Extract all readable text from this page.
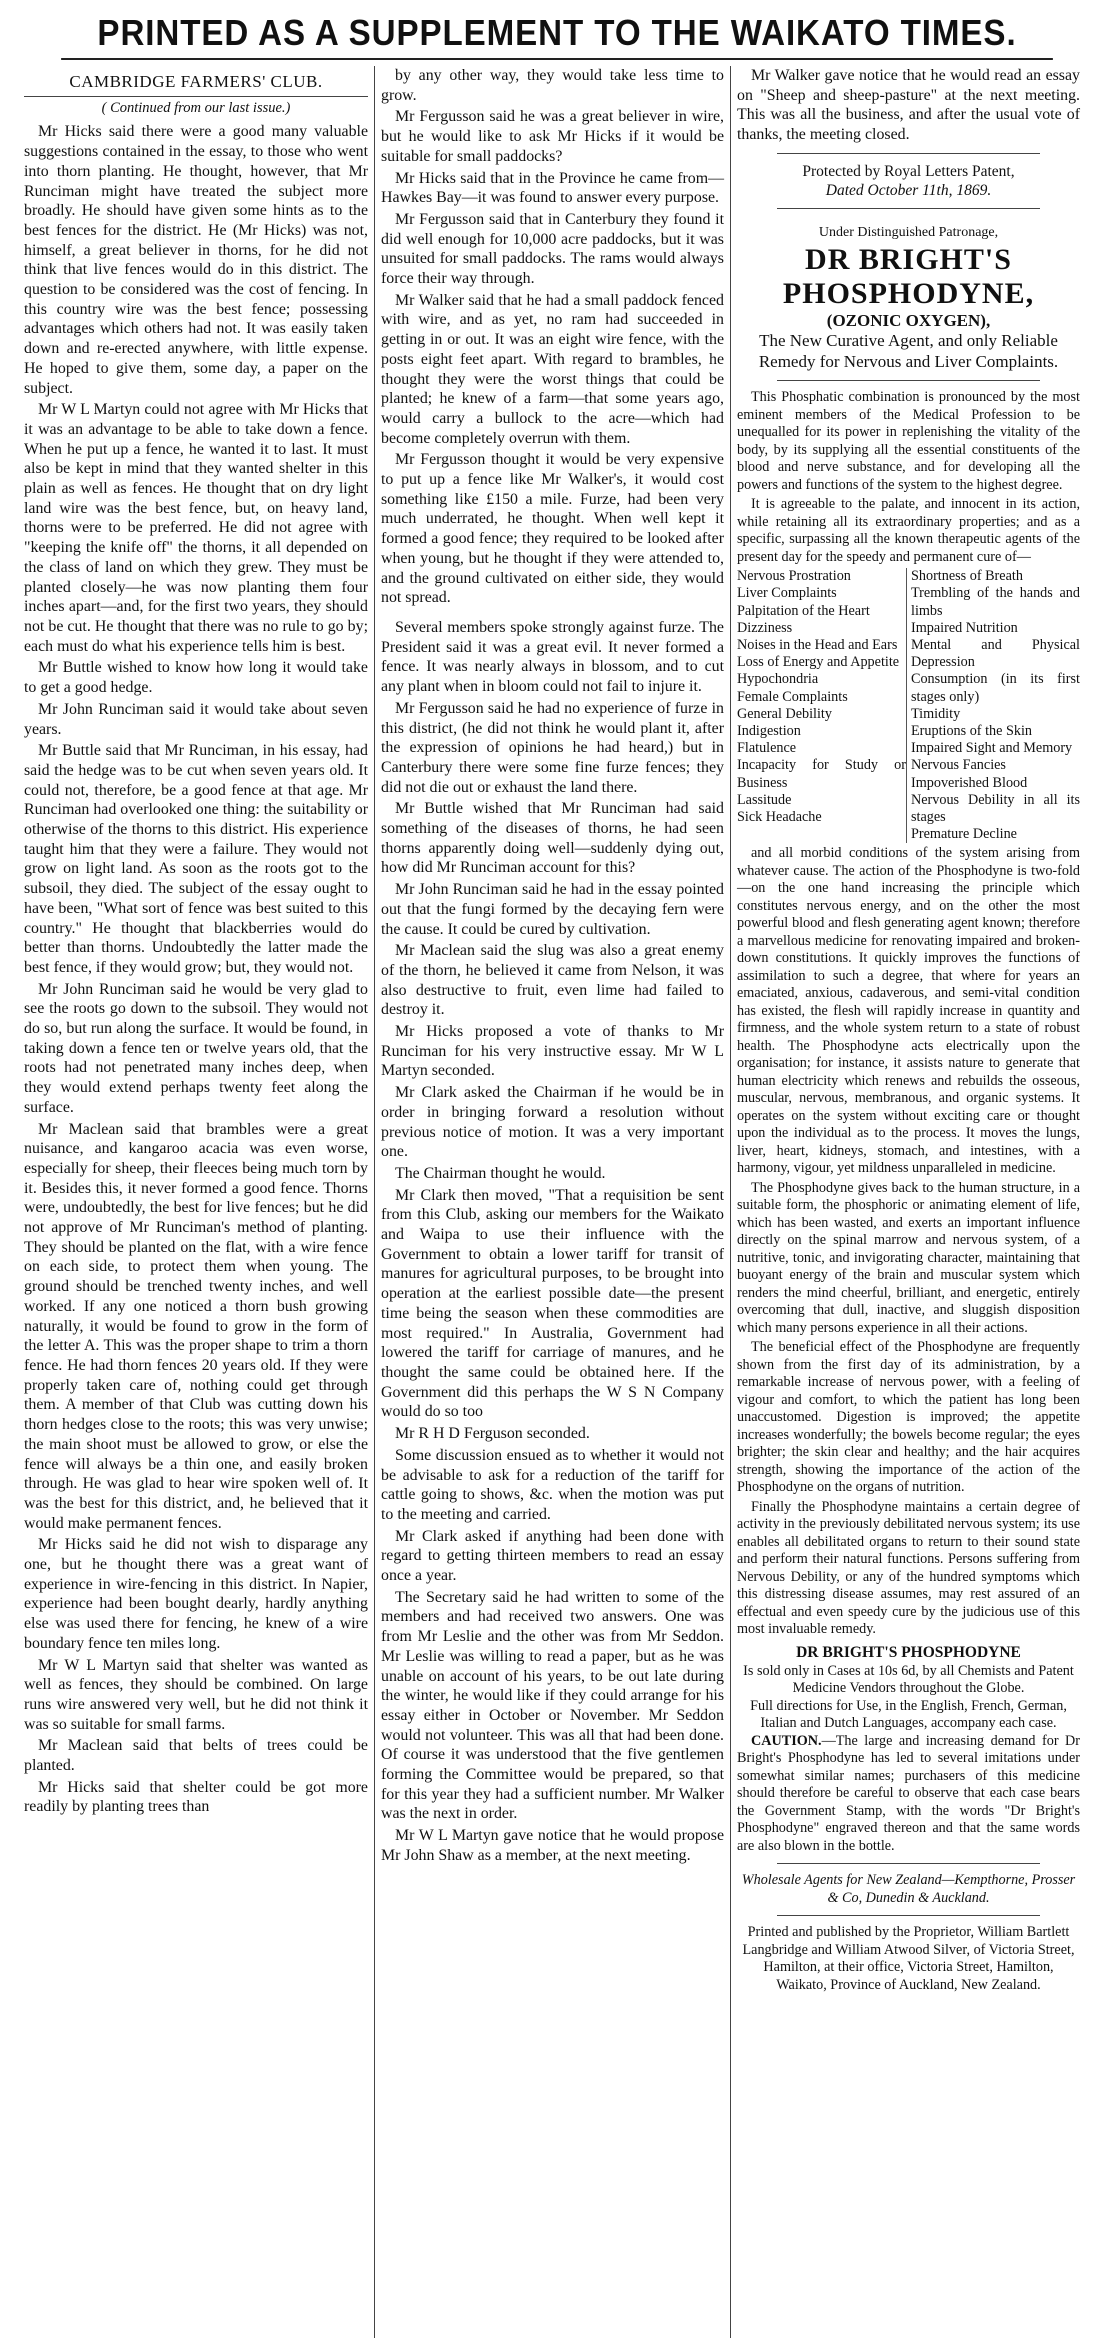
PRINTED AS A SUPPLEMENT TO THE WAIKATO TIMES.

CAMBRIDGE FARMERS' CLUB.

( Continued from our last issue.)

Mr Hicks said there were a good many valuable suggestions contained in the essay, to those who went into thorn planting. He thought, however, that Mr Runciman might have treated the subject more broadly. He should have given some hints as to the best fences for the district. He (Mr Hicks) was not, himself, a great believer in thorns, for he did not think that live fences would do in this district. The question to be considered was the cost of fencing. In this country wire was the best fence; possessing advantages which others had not. It was easily taken down and re-erected anywhere, with little expense. He hoped to give them, some day, a paper on the subject.

Mr W L Martyn could not agree with Mr Hicks that it was an advantage to be able to take down a fence. When he put up a fence, he wanted it to last. It must also be kept in mind that they wanted shelter in this plain as well as fences. He thought that on dry light land wire was the best fence, but, on heavy land, thorns were to be preferred. He did not agree with "keeping the knife off" the thorns, it all depended on the class of land on which they grew. They must be planted closely—he was now planting them four inches apart—and, for the first two years, they should not be cut. He thought that there was no rule to go by; each must do what his experience tells him is best.

Mr Buttle wished to know how long it would take to get a good hedge.

Mr John Runciman said it would take about seven years.

Mr Buttle said that Mr Runciman, in his essay, had said the hedge was to be cut when seven years old. It could not, therefore, be a good fence at that age. Mr Runciman had overlooked one thing: the suitability or otherwise of the thorns to this district. His experience taught him that they were a failure. They would not grow on light land. As soon as the roots got to the subsoil, they died. The subject of the essay ought to have been, "What sort of fence was best suited to this country." He thought that blackberries would do better than thorns. Undoubtedly the latter made the best fence, if they would grow; but, they would not.

Mr John Runciman said he would be very glad to see the roots go down to the subsoil. They would not do so, but run along the surface. It would be found, in taking down a fence ten or twelve years old, that the roots had not penetrated many inches deep, when they would extend perhaps twenty feet along the surface.

Mr Maclean said that brambles were a great nuisance, and kangaroo acacia was even worse, especially for sheep, their fleeces being much torn by it. Besides this, it never formed a good fence. Thorns were, undoubtedly, the best for live fences; but he did not approve of Mr Runciman's method of planting. They should be planted on the flat, with a wire fence on each side, to protect them when young. The ground should be trenched twenty inches, and well worked. If any one noticed a thorn bush growing naturally, it would be found to grow in the form of the letter A. This was the proper shape to trim a thorn fence. He had thorn fences 20 years old. If they were properly taken care of, nothing could get through them. A member of that Club was cutting down his thorn hedges close to the roots; this was very unwise; the main shoot must be allowed to grow, or else the fence will always be a thin one, and easily broken through. He was glad to hear wire spoken well of. It was the best for this district, and, he believed that it would make permanent fences.

Mr Hicks said he did not wish to disparage any one, but he thought there was a great want of experience in wire-fencing in this district. In Napier, experience had been bought dearly, hardly anything else was used there for fencing, he knew of a wire boundary fence ten miles long.

Mr W L Martyn said that shelter was wanted as well as fences, they should be combined. On large runs wire answered very well, but he did not think it was so suitable for small farms.

Mr Maclean said that belts of trees could be planted.

Mr Hicks said that shelter could be got more readily by planting trees than

by any other way, they would take less time to grow.

Mr Fergusson said he was a great believer in wire, but he would like to ask Mr Hicks if it would be suitable for small paddocks?

Mr Hicks said that in the Province he came from—Hawkes Bay—it was found to answer every purpose.

Mr Fergusson said that in Canterbury they found it did well enough for 10,000 acre paddocks, but it was unsuited for small paddocks. The rams would always force their way through.

Mr Walker said that he had a small paddock fenced with wire, and as yet, no ram had succeeded in getting in or out. It was an eight wire fence, with the posts eight feet apart. With regard to brambles, he thought they were the worst things that could be planted; he knew of a farm—that some years ago, would carry a bullock to the acre—which had become completely overrun with them.

Mr Fergusson thought it would be very expensive to put up a fence like Mr Walker's, it would cost something like £150 a mile. Furze, had been very much underrated, he thought. When well kept it formed a good fence; they required to be looked after when young, but he thought if they were attended to, and the ground cultivated on either side, they would not spread.

Several members spoke strongly against furze. The President said it was a great evil. It never formed a fence. It was nearly always in blossom, and to cut any plant when in bloom could not fail to injure it.

Mr Fergusson said he had no experience of furze in this district, (he did not think he would plant it, after the expression of opinions he had heard,) but in Canterbury there were some fine furze fences; they did not die out or exhaust the land there.

Mr Buttle wished that Mr Runciman had said something of the diseases of thorns, he had seen thorns apparently doing well—suddenly dying out, how did Mr Runciman account for this?

Mr John Runciman said he had in the essay pointed out that the fungi formed by the decaying fern were the cause. It could be cured by cultivation.

Mr Maclean said the slug was also a great enemy of the thorn, he believed it came from Nelson, it was also destructive to fruit, even lime had failed to destroy it.

Mr Hicks proposed a vote of thanks to Mr Runciman for his very instructive essay. Mr W L Martyn seconded.

Mr Clark asked the Chairman if he would be in order in bringing forward a resolution without previous notice of motion. It was a very important one.

The Chairman thought he would.

Mr Clark then moved, "That a requisition be sent from this Club, asking our members for the Waikato and Waipa to use their influence with the Government to obtain a lower tariff for transit of manures for agricultural purposes, to be brought into operation at the earliest possible date—the present time being the season when these commodities are most required." In Australia, Government had lowered the tariff for carriage of manures, and he thought the same could be obtained here. If the Government did this perhaps the W S N Company would do so too

Mr R H D Ferguson seconded.

Some discussion ensued as to whether it would not be advisable to ask for a reduction of the tariff for cattle going to shows, &c. when the motion was put to the meeting and carried.

Mr Clark asked if anything had been done with regard to getting thirteen members to read an essay once a year.

The Secretary said he had written to some of the members and had received two answers. One was from Mr Leslie and the other was from Mr Seddon. Mr Leslie was willing to read a paper, but as he was unable on account of his years, to be out late during the winter, he would like if they could arrange for his essay either in October or November. Mr Seddon would not volunteer. This was all that had been done. Of course it was understood that the five gentlemen forming the Committee would be prepared, so that for this year they had a sufficient number. Mr Walker was the next in order.

Mr W L Martyn gave notice that he would propose Mr John Shaw as a member, at the next meeting.

Mr Walker gave notice that he would read an essay on "Sheep and sheep-pasture" at the next meeting. This was all the business, and after the usual vote of thanks, the meeting closed.

Protected by Royal Letters Patent,
Dated October 11th, 1869.
Under Distinguished Patronage,
DR BRIGHT'S PHOSPHODYNE,
(OZONIC OXYGEN),
The New Curative Agent, and only Reliable Remedy for Nervous and Liver Complaints.

This Phosphatic combination is pronounced by the most eminent members of the Medical Profession to be unequalled for its power in replenishing the vitality of the body, by its supplying all the essential constituents of the blood and nerve substance, and for developing all the powers and functions of the system to the highest degree.

It is agreeable to the palate, and innocent in its action, while retaining all its extraordinary properties; and as a specific, surpassing all the known therapeutic agents of the present day for the speedy and permanent cure of—

Nervous Prostration
Liver Complaints
Palpitation of the Heart
Dizziness
Noises in the Head and Ears
Loss of Energy and Appetite
Hypochondria
Female Complaints
General Debility
Indigestion
Flatulence
Incapacity for Study or Business
Lassitude
Sick Headache
Shortness of Breath
Trembling of the hands and limbs
Impaired Nutrition
Mental and Physical Depression
Consumption (in its first stages only)
Timidity
Eruptions of the Skin
Impaired Sight and Memory
Nervous Fancies
Impoverished Blood
Nervous Debility in all its stages
Premature Decline

and all morbid conditions of the system arising from whatever cause. The action of the Phosphodyne is two-fold—on the one hand increasing the principle which constitutes nervous energy, and on the other the most powerful blood and flesh generating agent known; therefore a marvellous medicine for renovating impaired and broken-down constitutions. It quickly improves the functions of assimilation to such a degree, that where for years an emaciated, anxious, cadaverous, and semi-vital condition has existed, the flesh will rapidly increase in quantity and firmness, and the whole system return to a state of robust health. The Phosphodyne acts electrically upon the organisation; for instance, it assists nature to generate that human electricity which renews and rebuilds the osseous, muscular, nervous, membranous, and organic systems. It operates on the system without exciting care or thought upon the individual as to the process. It moves the lungs, liver, heart, kidneys, stomach, and intestines, with a harmony, vigour, yet mildness unparalleled in medicine.

The Phosphodyne gives back to the human structure, in a suitable form, the phosphoric or animating element of life, which has been wasted, and exerts an important influence directly on the spinal marrow and nervous system, of a nutritive, tonic, and invigorating character, maintaining that buoyant energy of the brain and muscular system which renders the mind cheerful, brilliant, and energetic, entirely overcoming that dull, inactive, and sluggish disposition which many persons experience in all their actions.

The beneficial effect of the Phosphodyne are frequently shown from the first day of its administration, by a remarkable increase of nervous power, with a feeling of vigour and comfort, to which the patient has long been unaccustomed. Digestion is improved; the appetite increases wonderfully; the bowels become regular; the eyes brighter; the skin clear and healthy; and the hair acquires strength, showing the importance of the action of the Phosphodyne on the organs of nutrition.

Finally the Phosphodyne maintains a certain degree of activity in the previously debilitated nervous system; its use enables all debilitated organs to return to their sound state and perform their natural functions. Persons suffering from Nervous Debility, or any of the hundred symptoms which this distressing disease assumes, may rest assured of an effectual and even speedy cure by the judicious use of this most invaluable remedy.

DR BRIGHT'S PHOSPHODYNE
Is sold only in Cases at 10s 6d, by all Chemists and Patent Medicine Vendors throughout the Globe.
Full directions for Use, in the English, French, German, Italian and Dutch Languages, accompany each case.

CAUTION.—The large and increasing demand for Dr Bright's Phosphodyne has led to several imitations under somewhat similar names; purchasers of this medicine should therefore be careful to observe that each case bears the Government Stamp, with the words "Dr Bright's Phosphodyne" engraved thereon and that the same words are also blown in the bottle.

Wholesale Agents for New Zealand—Kempthorne, Prosser & Co, Dunedin & Auckland.
Printed and published by the Proprietor, William Bartlett Langbridge and William Atwood Silver, of Victoria Street, Hamilton, at their office, Victoria Street, Hamilton, Waikato, Province of Auckland, New Zealand.
